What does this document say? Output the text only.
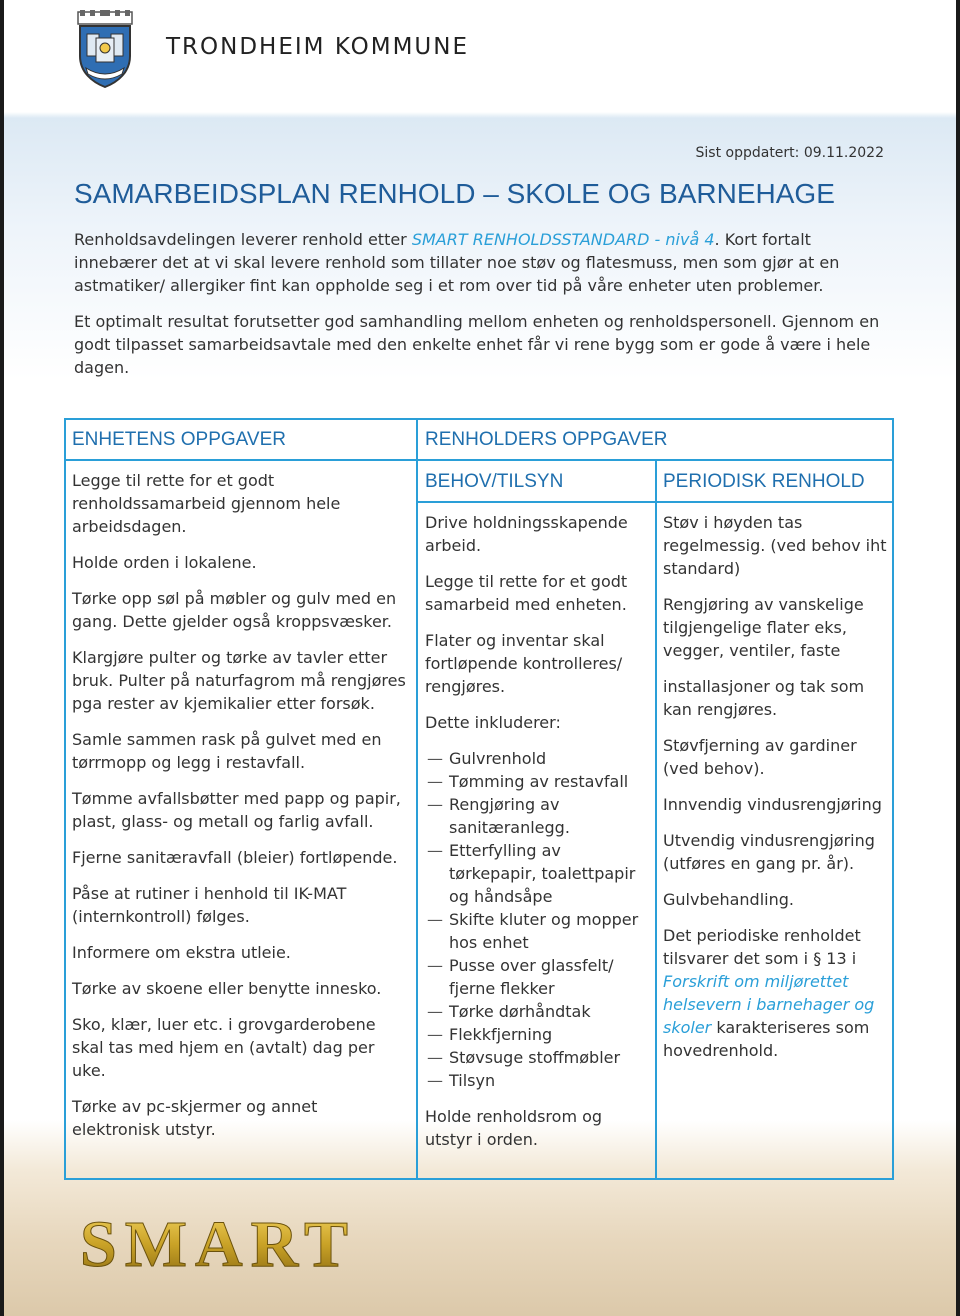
TRONDHEIM KOMMUNE
Sist oppdatert: 09.11.2022
SAMARBEIDSPLAN RENHOLD – SKOLE OG BARNEHAGE

Renholdsavdelingen leverer renhold etter SMART RENHOLDSSTANDARD - nivå 4. Kort fortalt innebærer det at vi skal levere renhold som tillater noe støv og flatesmuss, men som gjør at en astmatiker/ allergiker fint kan oppholde seg i et rom over tid på våre enheter uten problemer.

Et optimalt resultat forutsetter god samhandling mellom enheten og renholdspersonell. Gjennom en godt tilpasset samarbeidsavtale med den enkelte enhet får vi rene bygg som er gode å være i hele dagen.

ENHETENS OPPGAVER	RENHOLDERS OPPGAVER
BEHOV/TILSYN	PERIODISK RENHOLD

Legge til rette for et godt renholdssamarbeid gjennom hele arbeidsdagen.

Holde orden i lokalene.

Tørke opp søl på møbler og gulv med en gang. Dette gjelder også kroppsvæsker.

Klargjøre pulter og tørke av tavler etter bruk. Pulter på naturfagrom må rengjøres pga rester av kjemikalier etter forsøk.

Samle sammen rask på gulvet med en tørrmopp og legg i restavfall.

Tømme avfallsbøtter med papp og papir, plast, glass- og metall og farlig avfall.

Fjerne sanitæravfall (bleier) fortløpende.

Påse at rutiner i henhold til IK-MAT (internkontroll) følges.

Informere om ekstra utleie.

Tørke av skoene eller benytte innesko.

Sko, klær, luer etc. i grovgarderobene skal tas med hjem en (avtalt) dag per uke.

Tørke av pc-skjermer og annet elektronisk utstyr.

Drive holdningsskapende arbeid.

Legge til rette for et godt samarbeid med enheten.

Flater og inventar skal fortløpende kontrolleres/ rengjøres.

Dette inkluderer:

— Gulvrenhold
— Tømming av restavfall
— Rengjøring av sanitæranlegg.
— Etterfylling av tørkepapir, toalettpapir og håndsåpe
— Skifte kluter og mopper hos enhet
— Pusse over glassfelt/ fjerne flekker
— Tørke dørhåndtak
— Flekkfjerning
— Støvsuge stoffmøbler
— Tilsyn

Holde renholdsrom og utstyr i orden.

Støv i høyden tas regelmessig. (ved behov iht standard)

Rengjøring av vanskelige tilgjengelige flater eks, vegger, ventiler, faste

installasjoner og tak som kan rengjøres.

Støvfjerning av gardiner (ved behov).

Innvendig vindusrengjøring

Utvendig vindusrengjøring (utføres en gang pr. år).

Gulvbehandling.

Det periodiske renholdet tilsvarer det som i § 13 i Forskrift om miljørettet helsevern i barnehager og skoler karakteriseres som hovedrenhold.

SMART
